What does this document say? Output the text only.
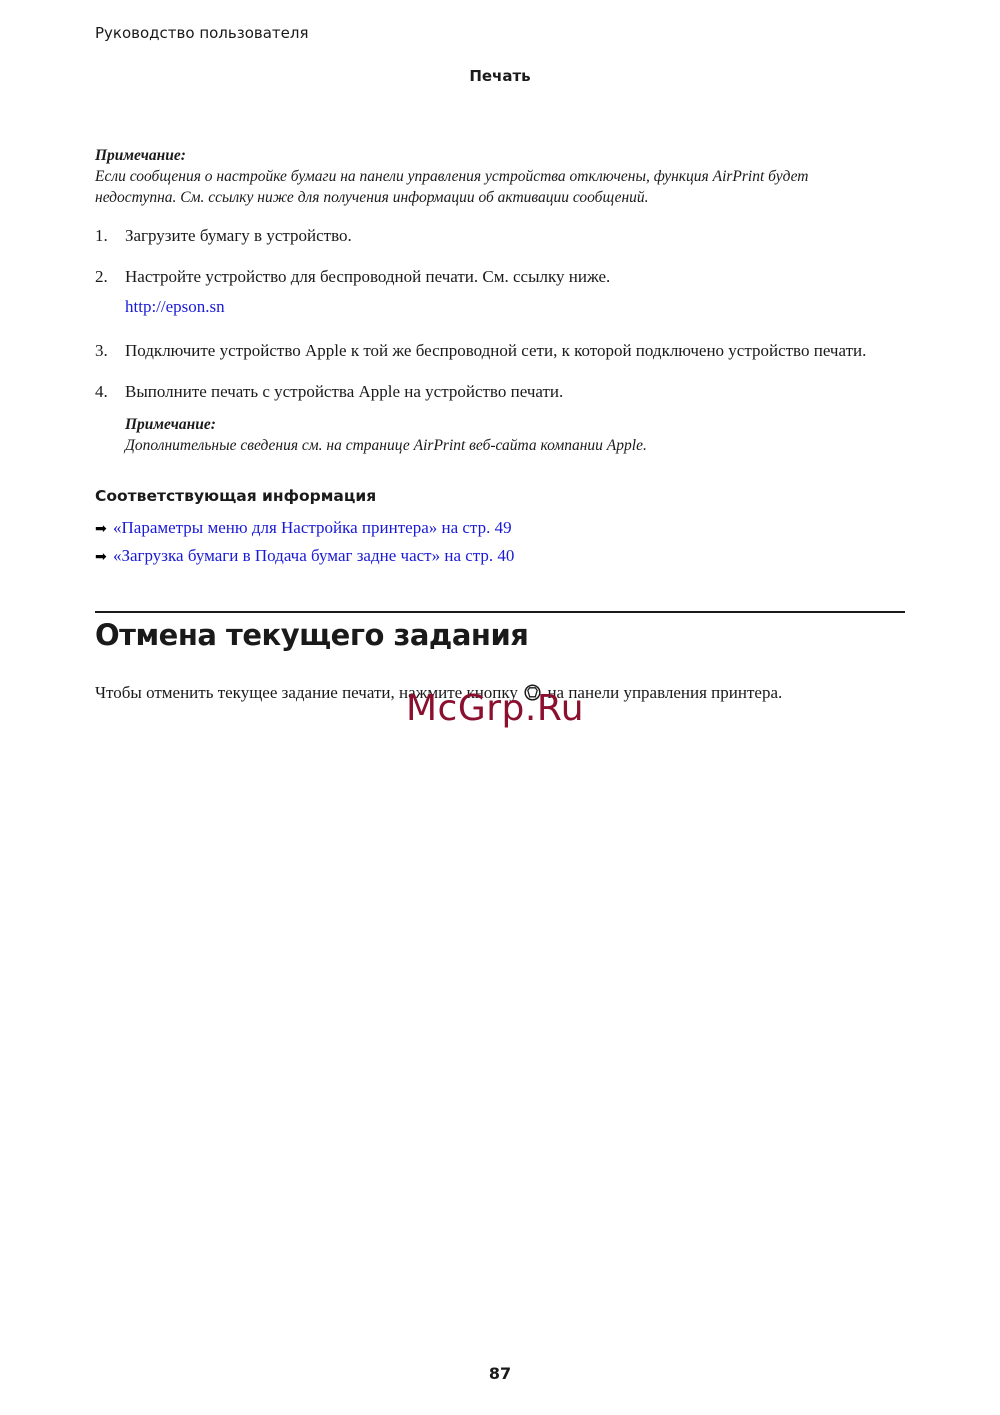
Руководство пользователя
Печать
Примечание:
Если сообщения о настройке бумаги на панели управления устройства отключены, функция AirPrint будет
недоступна. См. ссылку ниже для получения информации об активации сообщений.
1. Загрузите бумагу в устройство.
2. Настройте устройство для беспроводной печати. См. ссылку ниже.
http://epson.sn
3. Подключите устройство Apple к той же беспроводной сети, к которой подключено устройство печати.
4. Выполните печать с устройства Apple на устройство печати.
Примечание:
Дополнительные сведения см. на странице AirPrint веб-сайта компании Apple.
Соответствующая информация
➡ «Параметры меню для Настройка принтера» на стр. 49
➡ «Загрузка бумаги в Подача бумаг задне част» на стр. 40
Отмена текущего задания
Чтобы отменить текущее задание печати, нажмите кнопку на панели управления принтера.
McGrp.Ru
87
